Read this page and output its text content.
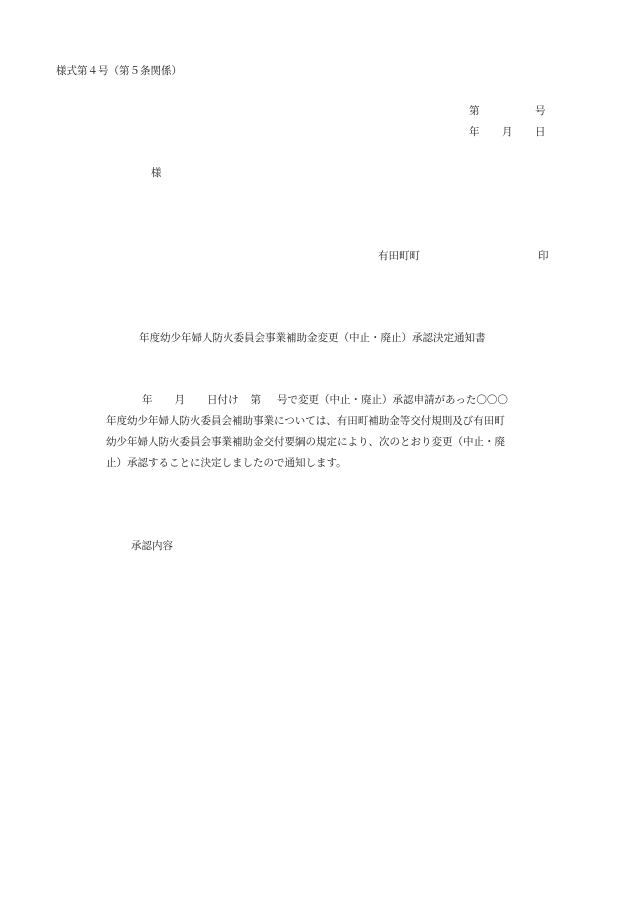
様式第４号（第５条関係）
第	号
年 月 日
様
有田町町	印
年度幼少年婦人防火委員会事業補助金変更（中止・廃止）承認決定通知書
年 月 日付け 第 号で変更（中止・廃止）承認申請があった〇〇〇
年度幼少年婦人防火委員会補助事業については、有田町補助金等交付規則及び有田町
幼少年婦人防火委員会事業補助金交付要綱の規定により、次のとおり変更（中止・廃
止）承認することに決定しましたので通知します。
承認内容
